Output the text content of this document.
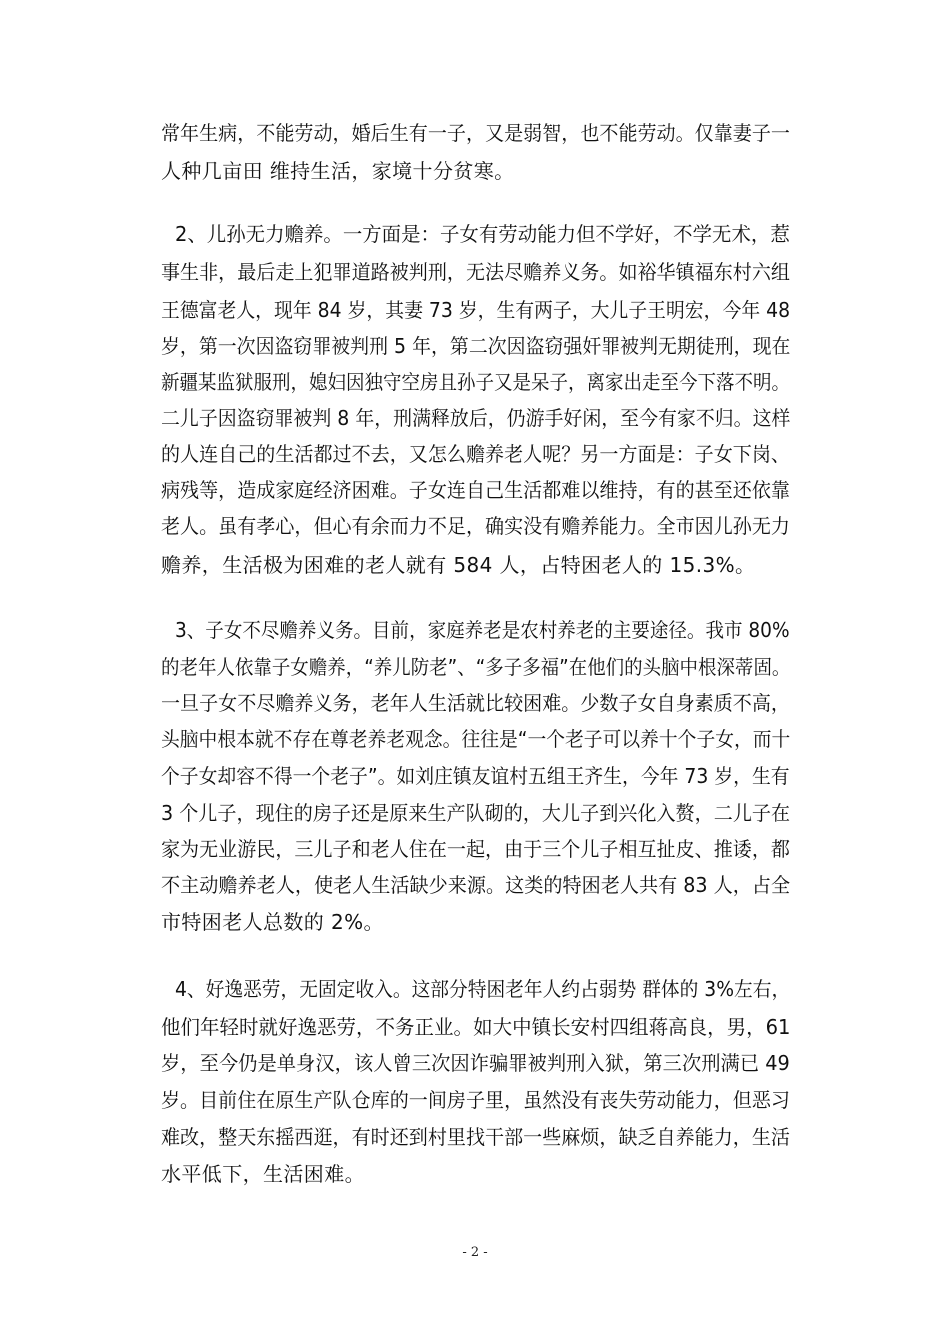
常年生病，不能劳动，婚后生有一子，又是弱智，也不能劳动。仅靠妻子一
人种几亩田 维持生活，家境十分贫寒。
2、儿孙无力赡养。一方面是：子女有劳动能力但不学好，不学无术，惹
事生非，最后走上犯罪道路被判刑，无法尽赡养义务。如裕华镇福东村六组
王德富老人，现年 84 岁，其妻 73 岁，生有两子，大儿子王明宏，今年 48
岁，第一次因盗窃罪被判刑 5 年，第二次因盗窃强奸罪被判无期徒刑，现在
新疆某监狱服刑，媳妇因独守空房且孙子又是呆子，离家出走至今下落不明。
二儿子因盗窃罪被判 8 年，刑满释放后，仍游手好闲，至今有家不归。这样
的人连自己的生活都过不去，又怎么赡养老人呢？另一方面是：子女下岗、
病残等，造成家庭经济困难。子女连自己生活都难以维持，有的甚至还依靠
老人。虽有孝心，但心有余而力不足，确实没有赡养能力。全市因儿孙无力
赡养，生活极为困难的老人就有 584 人，占特困老人的 15.3%。
3、子女不尽赡养义务。目前，家庭养老是农村养老的主要途径。我市 80%
的老年人依靠子女赡养，“养儿防老”、“多子多福”在他们的头脑中根深蒂固。
一旦子女不尽赡养义务，老年人生活就比较困难。少数子女自身素质不高，
头脑中根本就不存在尊老养老观念。往往是“一个老子可以养十个子女，而十
个子女却容不得一个老子”。如刘庄镇友谊村五组王齐生，今年 73 岁，生有
3 个儿子，现住的房子还是原来生产队砌的，大儿子到兴化入赘，二儿子在
家为无业游民，三儿子和老人住在一起，由于三个儿子相互扯皮、推诿，都
不主动赡养老人，使老人生活缺少来源。这类的特困老人共有 83 人，占全
市特困老人总数的 2%。
4、好逸恶劳，无固定收入。这部分特困老年人约占弱势 群体的 3%左右，
他们年轻时就好逸恶劳，不务正业。如大中镇长安村四组蒋高良，男，61
岁，至今仍是单身汉，该人曾三次因诈骗罪被判刑入狱，第三次刑满已 49
岁。目前住在原生产队仓库的一间房子里，虽然没有丧失劳动能力，但恶习
难改，整天东摇西逛，有时还到村里找干部一些麻烦，缺乏自养能力，生活
水平低下，生活困难。
- 2 -
